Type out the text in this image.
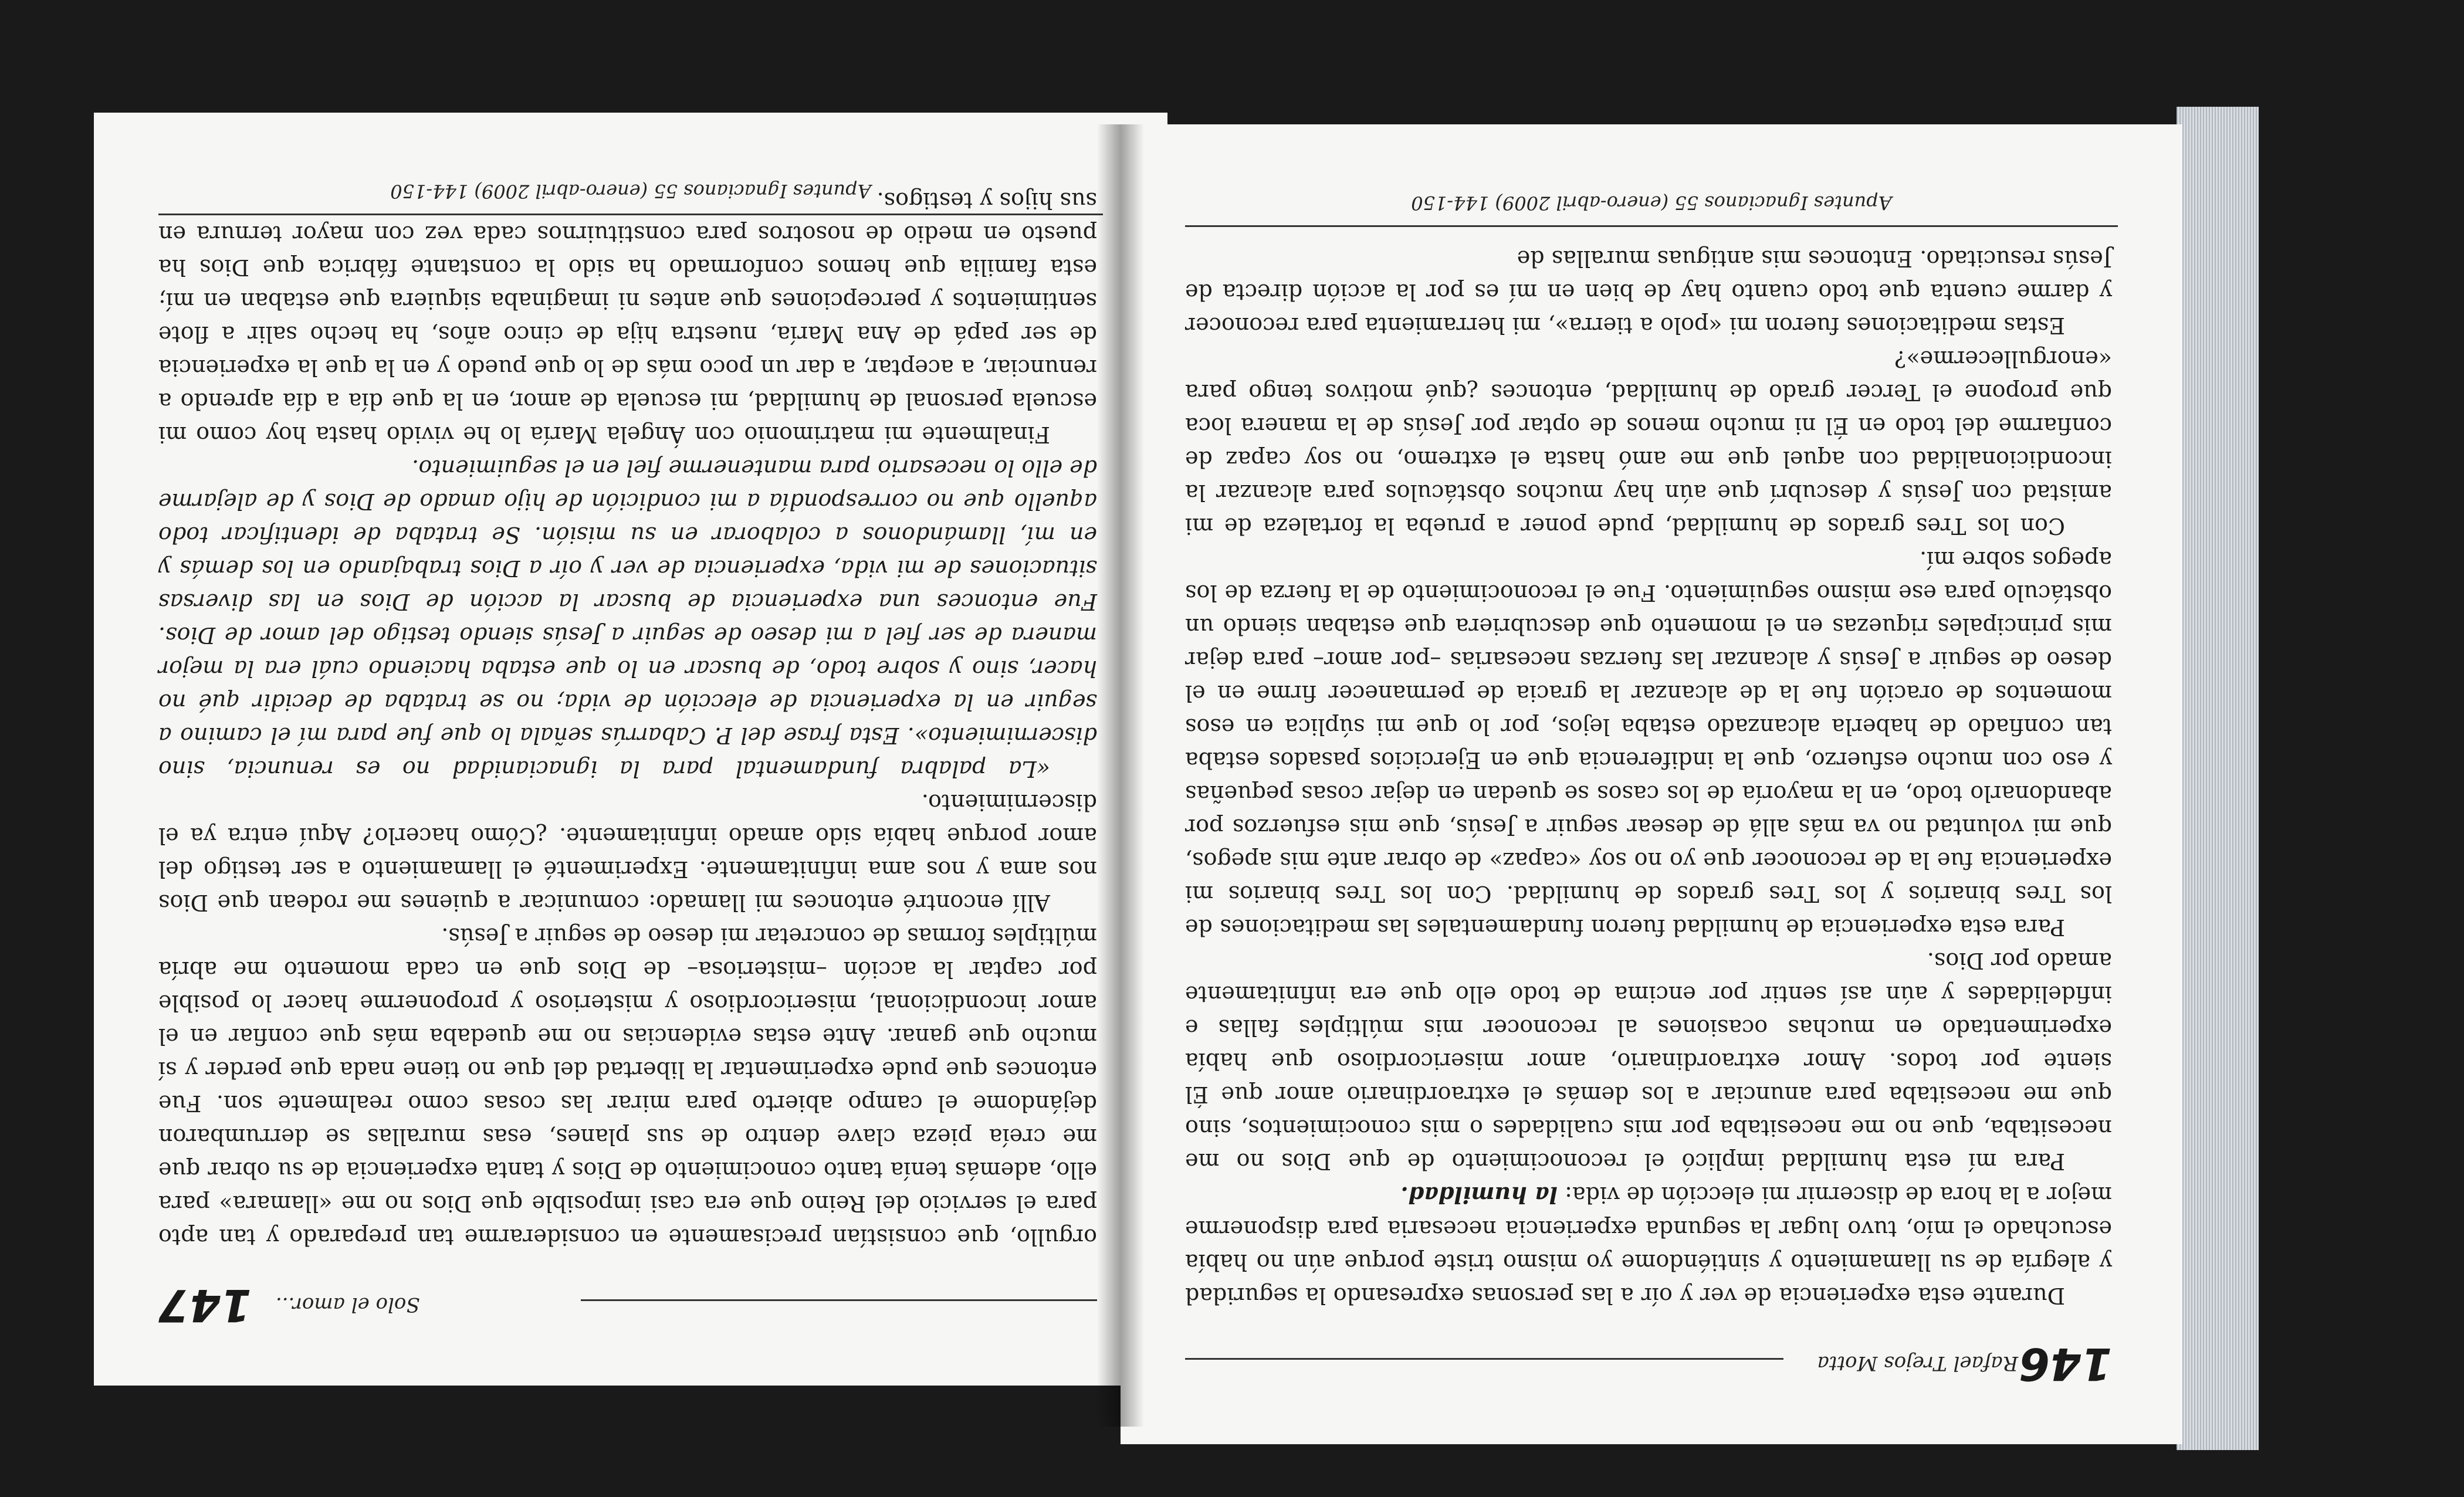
146
Rafael Trejos Motta

Durante esta experiencia de ver y oír a las personas expresando la seguridad y alegría de su llamamiento y sintiéndome yo mismo triste porque aún no había escuchado el mío, tuvo lugar la segunda experiencia necesaria para disponerme mejor a la hora de discernir mi elección de vida: la humildad.

Para mí esta humildad implicó el reconocimiento de que Dios no me necesitaba, que no me necesitaba por mis cualidades o mis conocimientos, sino que me necesitaba para anunciar a los demás el extraordinario amor que Él siente por todos. Amor extraordinario, amor misericordioso que había experimentado en muchas ocasiones al reconocer mis múltiples fallas e infidelidades y aún así sentir por encima de todo ello que era infinitamente amado por Dios.

Para esta experiencia de humildad fueron fundamentales las meditaciones de los Tres binarios y los Tres grados de humildad. Con los Tres binarios mi experiencia fue la de reconocer que yo no soy «capaz» de obrar ante mis apegos, que mi voluntad no va más allá de desear seguir a Jesús, que mis esfuerzos por abandonarlo todo, en la mayoría de los casos se quedan en dejar cosas pequeñas y eso con mucho esfuerzo, que la indiferencia que en Ejercicios pasados estaba tan confiado de haberla alcanzado estaba lejos, por lo que mi súplica en esos momentos de oración fue la de alcanzar la gracia de permanecer firme en el deseo de seguir a Jesús y alcanzar las fuerzas necesarias –por amor– para dejar mis principales riquezas en el momento que descubriera que estaban siendo un obstáculo para ese mismo seguimiento. Fue el reconocimiento de la fuerza de los apegos sobre mí.

Con los Tres grados de humildad, pude poner a prueba la fortaleza de mi amistad con Jesús y descubrí que aún hay muchos obstáculos para alcanzar la incondicionalidad con aquel que me amó hasta el extremo, no soy capaz de confiarme del todo en Él ni mucho menos de optar por Jesús de la manera loca que propone el Tercer grado de humildad, entonces ¿qué motivos tengo para «enorgullecerme»?

Estas meditaciones fueron mi «polo a tierra», mi herramienta para reconocer y darme cuenta que todo cuanto hay de bien en mí es por la acción directa de Jesús resucitado. Entonces mis antiguas murallas de

Apuntes Ignacianos 55 (enero-abril 2009) 144-150
Solo el amor...
147

orgullo, que consistían precisamente en considerarme tan preparado y tan apto para el servicio del Reino que era casi imposible que Dios no me «llamara» para ello, además tenía tanto conocimiento de Dios y tanta experiencia de su obrar que me creía pieza clave dentro de sus planes, esas murallas se derrumbaron dejándome el campo abierto para mirar las cosas como realmente son. Fue entonces que pude experimentar la libertad del que no tiene nada que perder y sí mucho que ganar. Ante estas evidencias no me quedaba más que confiar en el amor incondicional, misericordioso y misterioso y proponerme hacer lo posible por captar la acción –misteriosa– de Dios que en cada momento me abría múltiples formas de concretar mi deseo de seguir a Jesús.

Allí encontré entonces mi llamado: comunicar a quienes me rodean que Dios nos ama y nos ama infinitamente. Experimenté el llamamiento a ser testigo del amor porque había sido amado infinitamente. ¿Cómo hacerlo? Aquí entra ya el discernimiento.

«La palabra fundamental para la ignacianidad no es renuncia, sino discernimiento». Esta frase del P. Cabarrús señala lo que fue para mí el camino a seguir en la experiencia de elección de vida; no se trataba de decidir qué no hacer, sino y sobre todo, de buscar en lo que estaba haciendo cuál era la mejor manera de ser fiel a mi deseo de seguir a Jesús siendo testigo del amor de Dios. Fue entonces una experiencia de buscar la acción de Dios en las diversas situaciones de mi vida, experiencia de ver y oír a Dios trabajando en los demás y en mí, llamándonos a colaborar en su misión. Se trataba de identificar todo aquello que no correspondía a mi condición de hijo amado de Dios y de alejarme de ello lo necesario para mantenerme fiel en el seguimiento.

Finalmente mi matrimonio con Ángela María lo he vivido hasta hoy como mi escuela personal de humildad, mi escuela de amor, en la que día a día aprendo a renunciar, a aceptar, a dar un poco más de lo que puedo y en la que la experiencia de ser papá de Ana María, nuestra hija de cinco años, ha hecho salir a flote sentimientos y percepciones que antes ni imaginaba siquiera que estaban en mí; esta familia que hemos conformado ha sido la constante fábrica que Dios ha puesto en medio de nosotros para constituirnos cada vez con mayor ternura en sus hijos y testigos.

Apuntes Ignacianos 55 (enero-abril 2009) 144-150
